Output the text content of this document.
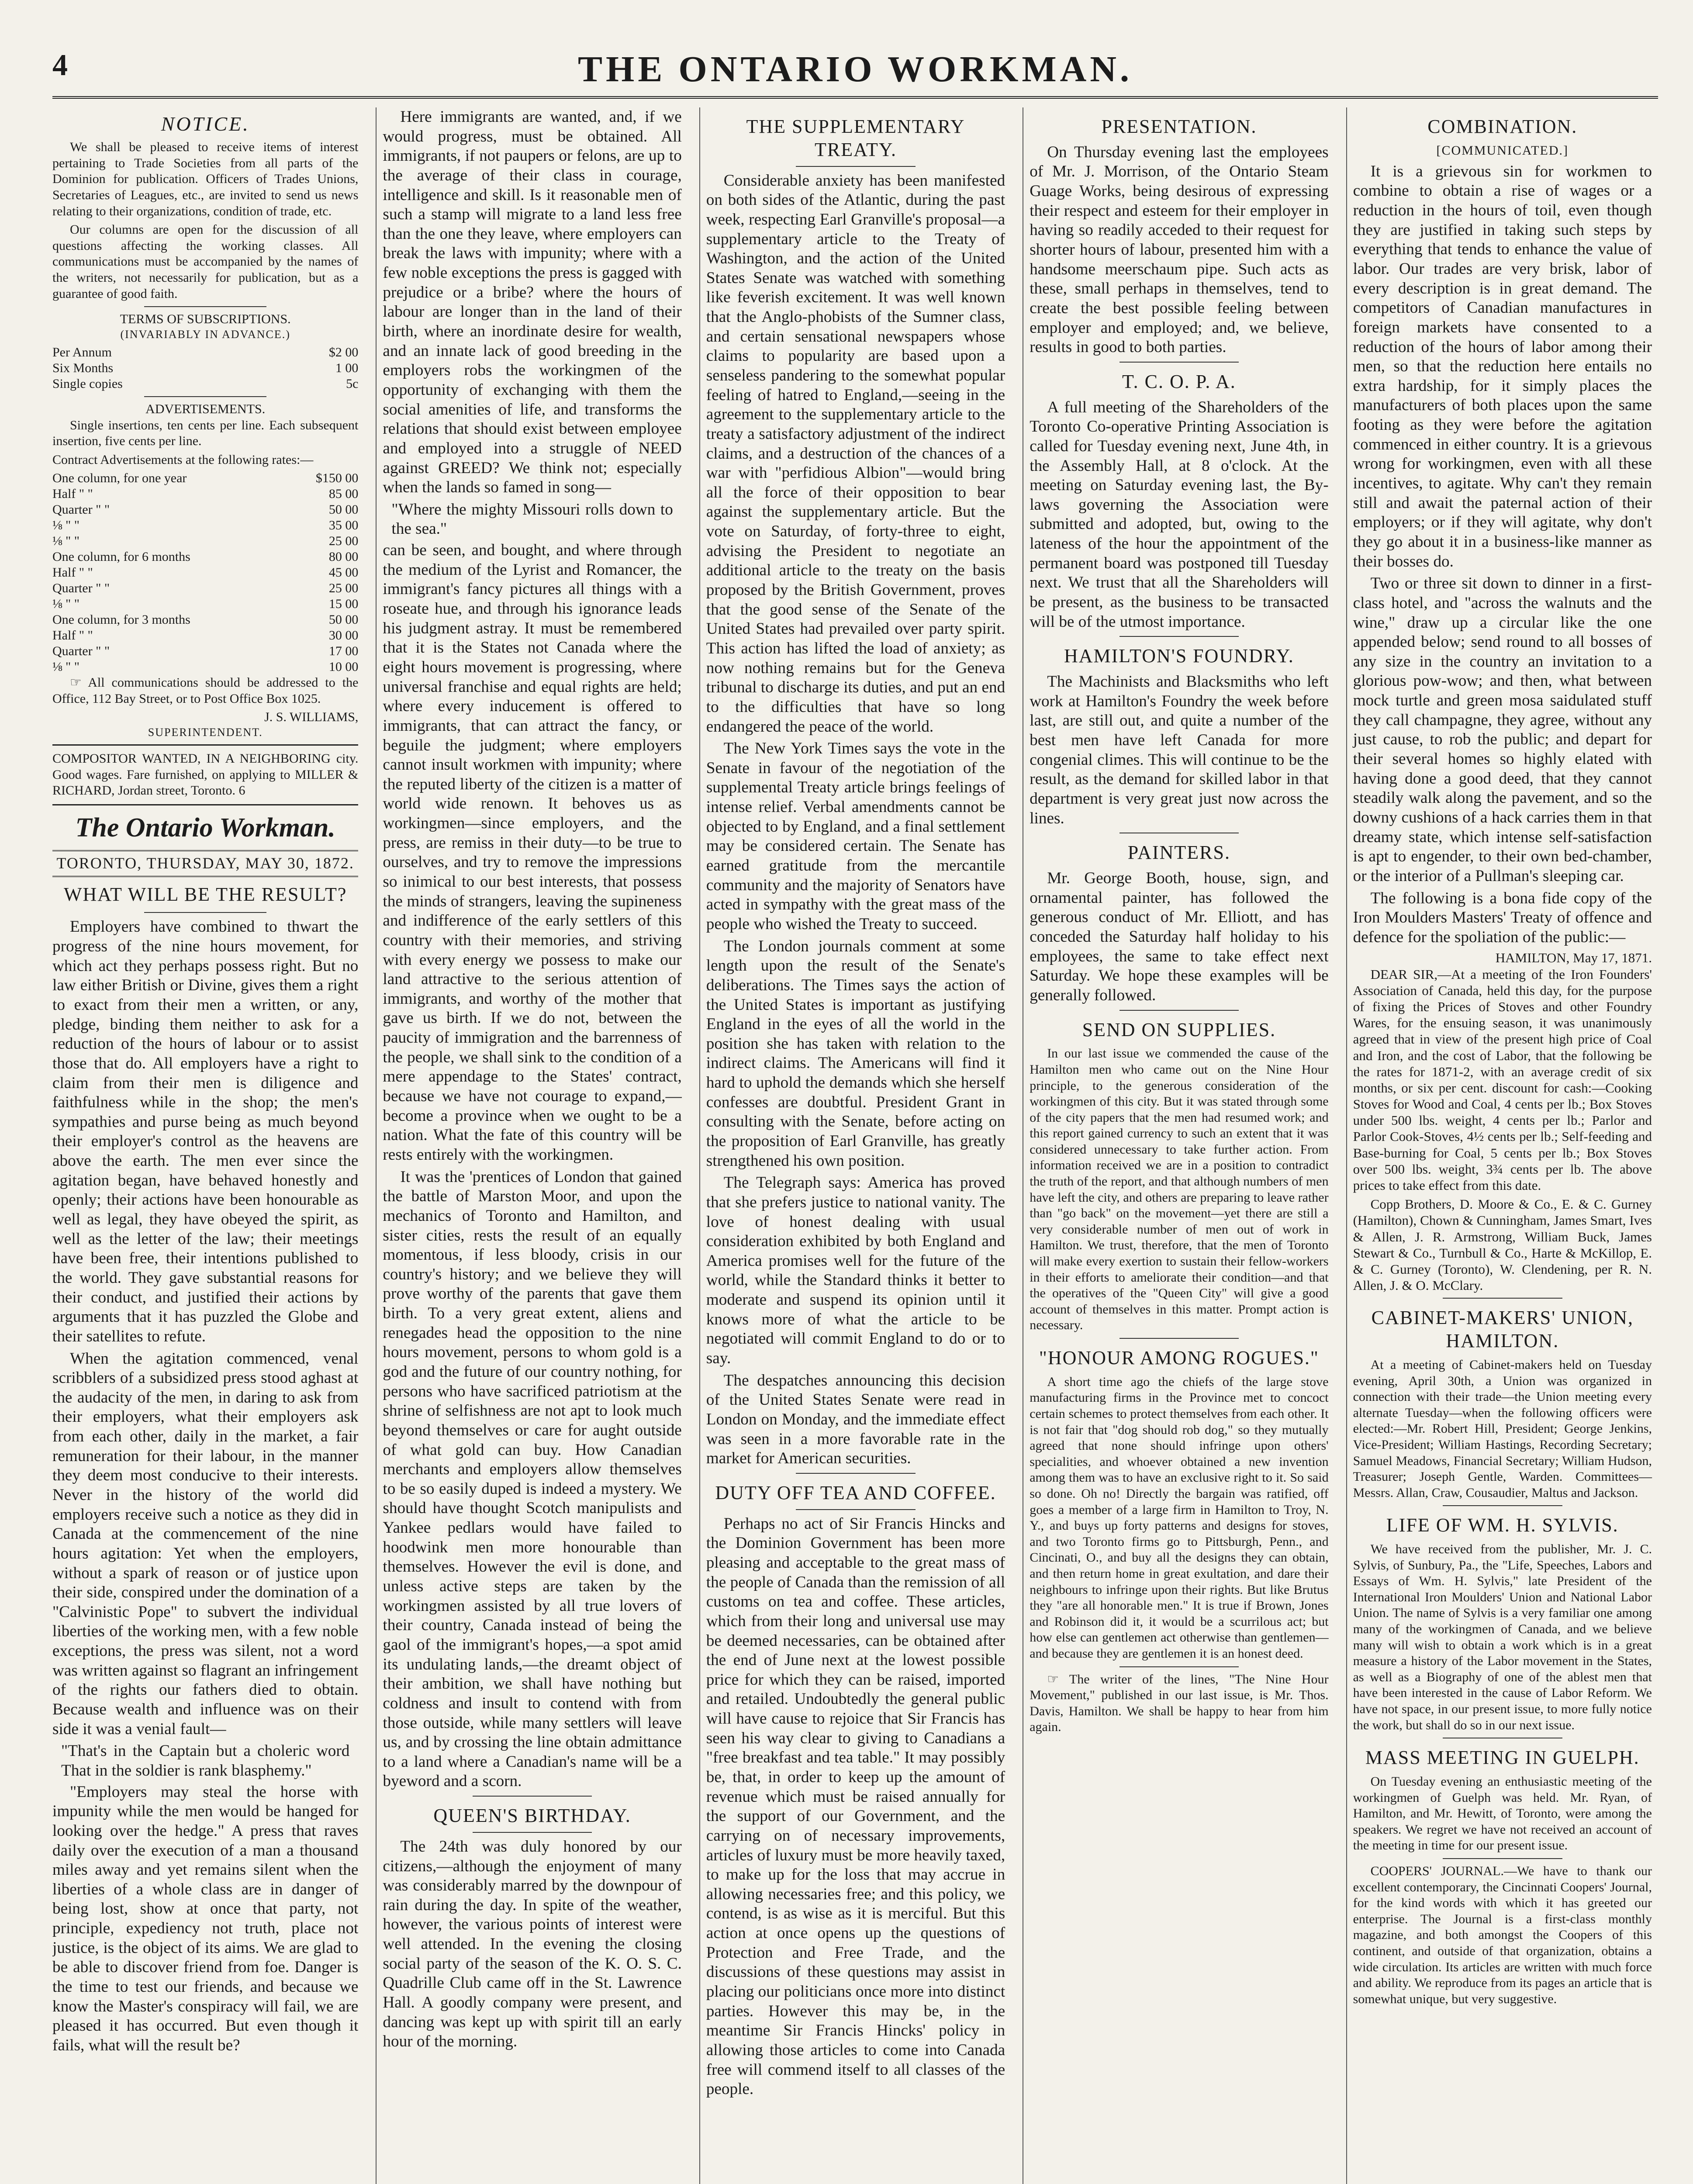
4	THE ONTARIO WORKMAN.
NOTICE.

We shall be pleased to receive items of interest pertaining to Trade Societies from all parts of the Dominion for publication. Officers of Trades Unions, Secretaries of Leagues, etc., are invited to send us news relating to their organizations, condition of trade, etc.

Our columns are open for the discussion of all questions affecting the working classes. All communications must be accompanied by the names of the writers, not necessarily for publication, but as a guarantee of good faith.

TERMS OF SUBSCRIPTIONS.
(INVARIABLY IN ADVANCE.)
Per Annum	$2 00
Six Months	1 00
Single copies	5c
ADVERTISEMENTS.

Single insertions, ten cents per line. Each subsequent insertion, five cents per line.

Contract Advertisements at the following rates:—

One column, for one year	$150 00
Half " "	85 00
Quarter " "	50 00
⅛ " "	35 00
⅛ " "	25 00
One column, for 6 months	80 00
Half " "	45 00
Quarter " "	25 00
⅛ " "	15 00
One column, for 3 months	50 00
Half " "	30 00
Quarter " "	17 00
⅛ " "	10 00

☞ All communications should be addressed to the Office, 112 Bay Street, or to Post Office Box 1025.

J. S. WILLIAMS,
SUPERINTENDENT.

COMPOSITOR WANTED, IN A NEIGHBORING city. Good wages. Fare furnished, on applying to MILLER & RICHARD, Jordan street, Toronto. 6

The Ontario Workman.
TORONTO, THURSDAY, MAY 30, 1872.
WHAT WILL BE THE RESULT?

Employers have combined to thwart the progress of the nine hours movement, for which act they perhaps possess right. But no law either British or Divine, gives them a right to exact from their men a written, or any, pledge, binding them neither to ask for a reduction of the hours of labour or to assist those that do. All employers have a right to claim from their men is diligence and faithfulness while in the shop; the men's sympathies and purse being as much beyond their employer's control as the heavens are above the earth. The men ever since the agitation began, have behaved honestly and openly; their actions have been honourable as well as legal, they have obeyed the spirit, as well as the letter of the law; their meetings have been free, their intentions published to the world. They gave substantial reasons for their conduct, and justified their actions by arguments that it has puzzled the Globe and their satellites to refute.

When the agitation commenced, venal scribblers of a subsidized press stood aghast at the audacity of the men, in daring to ask from their employers, what their employers ask from each other, daily in the market, a fair remuneration for their labour, in the manner they deem most conducive to their interests. Never in the history of the world did employers receive such a notice as they did in Canada at the commencement of the nine hours agitation: Yet when the employers, without a spark of reason or of justice upon their side, conspired under the domination of a "Calvinistic Pope" to subvert the individual liberties of the working men, with a few noble exceptions, the press was silent, not a word was written against so flagrant an infringement of the rights our fathers died to obtain. Because wealth and influence was on their side it was a venial fault—

"That's in the Captain but a choleric word That in the soldier is rank blasphemy."

"Employers may steal the horse with impunity while the men would be hanged for looking over the hedge." A press that raves daily over the execution of a man a thousand miles away and yet remains silent when the liberties of a whole class are in danger of being lost, show at once that party, not principle, expediency not truth, place not justice, is the object of its aims. We are glad to be able to discover friend from foe. Danger is the time to test our friends, and because we know the Master's conspiracy will fail, we are pleased it has occurred. But even though it fails, what will the result be?

Here immigrants are wanted, and, if we would progress, must be obtained. All immigrants, if not paupers or felons, are up to the average of their class in courage, intelligence and skill. Is it reasonable men of such a stamp will migrate to a land less free than the one they leave, where employers can break the laws with impunity; where with a few noble exceptions the press is gagged with prejudice or a bribe? where the hours of labour are longer than in the land of their birth, where an inordinate desire for wealth, and an innate lack of good breeding in the employers robs the workingmen of the opportunity of exchanging with them the social amenities of life, and transforms the relations that should exist between employee and employed into a struggle of NEED against GREED? We think not; especially when the lands so famed in song—

"Where the mighty Missouri rolls down to the sea."

can be seen, and bought, and where through the medium of the Lyrist and Romancer, the immigrant's fancy pictures all things with a roseate hue, and through his ignorance leads his judgment astray. It must be remembered that it is the States not Canada where the eight hours movement is progressing, where universal franchise and equal rights are held; where every inducement is offered to immigrants, that can attract the fancy, or beguile the judgment; where employers cannot insult workmen with impunity; where the reputed liberty of the citizen is a matter of world wide renown. It behoves us as workingmen—since employers, and the press, are remiss in their duty—to be true to ourselves, and try to remove the impressions so inimical to our best interests, that possess the minds of strangers, leaving the supineness and indifference of the early settlers of this country with their memories, and striving with every energy we possess to make our land attractive to the serious attention of immigrants, and worthy of the mother that gave us birth. If we do not, between the paucity of immigration and the barrenness of the people, we shall sink to the condition of a mere appendage to the States' contract, because we have not courage to expand,—become a province when we ought to be a nation. What the fate of this country will be rests entirely with the workingmen.

It was the 'prentices of London that gained the battle of Marston Moor, and upon the mechanics of Toronto and Hamilton, and sister cities, rests the result of an equally momentous, if less bloody, crisis in our country's history; and we believe they will prove worthy of the parents that gave them birth. To a very great extent, aliens and renegades head the opposition to the nine hours movement, persons to whom gold is a god and the future of our country nothing, for persons who have sacrificed patriotism at the shrine of selfishness are not apt to look much beyond themselves or care for aught outside of what gold can buy. How Canadian merchants and employers allow themselves to be so easily duped is indeed a mystery. We should have thought Scotch manipulists and Yankee pedlars would have failed to hoodwink men more honourable than themselves. However the evil is done, and unless active steps are taken by the workingmen assisted by all true lovers of their country, Canada instead of being the gaol of the immigrant's hopes,—a spot amid its undulating lands,—the dreamt object of their ambition, we shall have nothing but coldness and insult to contend with from those outside, while many settlers will leave us, and by crossing the line obtain admittance to a land where a Canadian's name will be a byeword and a scorn.

QUEEN'S BIRTHDAY.

The 24th was duly honored by our citizens,—although the enjoyment of many was considerably marred by the downpour of rain during the day. In spite of the weather, however, the various points of interest were well attended. In the evening the closing social party of the season of the K. O. S. C. Quadrille Club came off in the St. Lawrence Hall. A goodly company were present, and dancing was kept up with spirit till an early hour of the morning.

THE SUPPLEMENTARY TREATY.

Considerable anxiety has been manifested on both sides of the Atlantic, during the past week, respecting Earl Granville's proposal—a supplementary article to the Treaty of Washington, and the action of the United States Senate was watched with something like feverish excitement. It was well known that the Anglo-phobists of the Sumner class, and certain sensational newspapers whose claims to popularity are based upon a senseless pandering to the somewhat popular feeling of hatred to England,—seeing in the agreement to the supplementary article to the treaty a satisfactory adjustment of the indirect claims, and a destruction of the chances of a war with "perfidious Albion"—would bring all the force of their opposition to bear against the supplementary article. But the vote on Saturday, of forty-three to eight, advising the President to negotiate an additional article to the treaty on the basis proposed by the British Government, proves that the good sense of the Senate of the United States had prevailed over party spirit. This action has lifted the load of anxiety; as now nothing remains but for the Geneva tribunal to discharge its duties, and put an end to the difficulties that have so long endangered the peace of the world.

The New York Times says the vote in the Senate in favour of the negotiation of the supplemental Treaty article brings feelings of intense relief. Verbal amendments cannot be objected to by England, and a final settlement may be considered certain. The Senate has earned gratitude from the mercantile community and the majority of Senators have acted in sympathy with the great mass of the people who wished the Treaty to succeed.

The London journals comment at some length upon the result of the Senate's deliberations. The Times says the action of the United States is important as justifying England in the eyes of all the world in the position she has taken with relation to the indirect claims. The Americans will find it hard to uphold the demands which she herself confesses are doubtful. President Grant in consulting with the Senate, before acting on the proposition of Earl Granville, has greatly strengthened his own position.

The Telegraph says: America has proved that she prefers justice to national vanity. The love of honest dealing with usual consideration exhibited by both England and America promises well for the future of the world, while the Standard thinks it better to moderate and suspend its opinion until it knows more of what the article to be negotiated will commit England to do or to say.

The despatches announcing this decision of the United States Senate were read in London on Monday, and the immediate effect was seen in a more favorable rate in the market for American securities.

DUTY OFF TEA AND COFFEE.

Perhaps no act of Sir Francis Hincks and the Dominion Government has been more pleasing and acceptable to the great mass of the people of Canada than the remission of all customs on tea and coffee. These articles, which from their long and universal use may be deemed necessaries, can be obtained after the end of June next at the lowest possible price for which they can be raised, imported and retailed. Undoubtedly the general public will have cause to rejoice that Sir Francis has seen his way clear to giving to Canadians a "free breakfast and tea table." It may possibly be, that, in order to keep up the amount of revenue which must be raised annually for the support of our Government, and the carrying on of necessary improvements, articles of luxury must be more heavily taxed, to make up for the loss that may accrue in allowing necessaries free; and this policy, we contend, is as wise as it is merciful. But this action at once opens up the questions of Protection and Free Trade, and the discussions of these questions may assist in placing our politicians once more into distinct parties. However this may be, in the meantime Sir Francis Hincks' policy in allowing those articles to come into Canada free will commend itself to all classes of the people.

PRESENTATION.

On Thursday evening last the employees of Mr. J. Morrison, of the Ontario Steam Guage Works, being desirous of expressing their respect and esteem for their employer in having so readily acceded to their request for shorter hours of labour, presented him with a handsome meerschaum pipe. Such acts as these, small perhaps in themselves, tend to create the best possible feeling between employer and employed; and, we believe, results in good to both parties.

T. C. O. P. A.

A full meeting of the Shareholders of the Toronto Co-operative Printing Association is called for Tuesday evening next, June 4th, in the Assembly Hall, at 8 o'clock. At the meeting on Saturday evening last, the By-laws governing the Association were submitted and adopted, but, owing to the lateness of the hour the appointment of the permanent board was postponed till Tuesday next. We trust that all the Shareholders will be present, as the business to be transacted will be of the utmost importance.

HAMILTON'S FOUNDRY.

The Machinists and Blacksmiths who left work at Hamilton's Foundry the week before last, are still out, and quite a number of the best men have left Canada for more congenial climes. This will continue to be the result, as the demand for skilled labor in that department is very great just now across the lines.

PAINTERS.

Mr. George Booth, house, sign, and ornamental painter, has followed the generous conduct of Mr. Elliott, and has conceded the Saturday half holiday to his employees, the same to take effect next Saturday. We hope these examples will be generally followed.

SEND ON SUPPLIES.

In our last issue we commended the cause of the Hamilton men who came out on the Nine Hour principle, to the generous consideration of the workingmen of this city. But it was stated through some of the city papers that the men had resumed work; and this report gained currency to such an extent that it was considered unnecessary to take further action. From information received we are in a position to contradict the truth of the report, and that although numbers of men have left the city, and others are preparing to leave rather than "go back" on the movement—yet there are still a very considerable number of men out of work in Hamilton. We trust, therefore, that the men of Toronto will make every exertion to sustain their fellow-workers in their efforts to ameliorate their condition—and that the operatives of the "Queen City" will give a good account of themselves in this matter. Prompt action is necessary.

"HONOUR AMONG ROGUES."

A short time ago the chiefs of the large stove manufacturing firms in the Province met to concoct certain schemes to protect themselves from each other. It is not fair that "dog should rob dog," so they mutually agreed that none should infringe upon others' specialities, and whoever obtained a new invention among them was to have an exclusive right to it. So said so done. Oh no! Directly the bargain was ratified, off goes a member of a large firm in Hamilton to Troy, N. Y., and buys up forty patterns and designs for stoves, and two Toronto firms go to Pittsburgh, Penn., and Cincinati, O., and buy all the designs they can obtain, and then return home in great exultation, and dare their neighbours to infringe upon their rights. But like Brutus they "are all honorable men." It is true if Brown, Jones and Robinson did it, it would be a scurrilous act; but how else can gentlemen act otherwise than gentlemen—and because they are gentlemen it is an honest deed.

☞ The writer of the lines, "The Nine Hour Movement," published in our last issue, is Mr. Thos. Davis, Hamilton. We shall be happy to hear from him again.

COMBINATION.
[COMMUNICATED.]

It is a grievous sin for workmen to combine to obtain a rise of wages or a reduction in the hours of toil, even though they are justified in taking such steps by everything that tends to enhance the value of labor. Our trades are very brisk, labor of every description is in great demand. The competitors of Canadian manufactures in foreign markets have consented to a reduction of the hours of labor among their men, so that the reduction here entails no extra hardship, for it simply places the manufacturers of both places upon the same footing as they were before the agitation commenced in either country. It is a grievous wrong for workingmen, even with all these incentives, to agitate. Why can't they remain still and await the paternal action of their employers; or if they will agitate, why don't they go about it in a business-like manner as their bosses do.

Two or three sit down to dinner in a first-class hotel, and "across the walnuts and the wine," draw up a circular like the one appended below; send round to all bosses of any size in the country an invitation to a glorious pow-wow; and then, what between mock turtle and green mosa saidulated stuff they call champagne, they agree, without any just cause, to rob the public; and depart for their several homes so highly elated with having done a good deed, that they cannot steadily walk along the pavement, and so the downy cushions of a hack carries them in that dreamy state, which intense self-satisfaction is apt to engender, to their own bed-chamber, or the interior of a Pullman's sleeping car.

The following is a bona fide copy of the Iron Moulders Masters' Treaty of offence and defence for the spoliation of the public:—

HAMILTON, May 17, 1871.

DEAR SIR,—At a meeting of the Iron Founders' Association of Canada, held this day, for the purpose of fixing the Prices of Stoves and other Foundry Wares, for the ensuing season, it was unanimously agreed that in view of the present high price of Coal and Iron, and the cost of Labor, that the following be the rates for 1871-2, with an average credit of six months, or six per cent. discount for cash:—Cooking Stoves for Wood and Coal, 4 cents per lb.; Box Stoves under 500 lbs. weight, 4 cents per lb.; Parlor and Parlor Cook-Stoves, 4½ cents per lb.; Self-feeding and Base-burning for Coal, 5 cents per lb.; Box Stoves over 500 lbs. weight, 3¾ cents per lb. The above prices to take effect from this date.

Copp Brothers, D. Moore & Co., E. & C. Gurney (Hamilton), Chown & Cunningham, James Smart, Ives & Allen, J. R. Armstrong, William Buck, James Stewart & Co., Turnbull & Co., Harte & McKillop, E. & C. Gurney (Toronto), W. Clendening, per R. N. Allen, J. & O. McClary.

CABINET-MAKERS' UNION, HAMILTON.

At a meeting of Cabinet-makers held on Tuesday evening, April 30th, a Union was organized in connection with their trade—the Union meeting every alternate Tuesday—when the following officers were elected:—Mr. Robert Hill, President; George Jenkins, Vice-President; William Hastings, Recording Secretary; Samuel Meadows, Financial Secretary; William Hudson, Treasurer; Joseph Gentle, Warden. Committees—Messrs. Allan, Craw, Cousaudier, Maltus and Jackson.

LIFE OF WM. H. SYLVIS.

We have received from the publisher, Mr. J. C. Sylvis, of Sunbury, Pa., the "Life, Speeches, Labors and Essays of Wm. H. Sylvis," late President of the International Iron Moulders' Union and National Labor Union. The name of Sylvis is a very familiar one among many of the workingmen of Canada, and we believe many will wish to obtain a work which is in a great measure a history of the Labor movement in the States, as well as a Biography of one of the ablest men that have been interested in the cause of Labor Reform. We have not space, in our present issue, to more fully notice the work, but shall do so in our next issue.

MASS MEETING IN GUELPH.

On Tuesday evening an enthusiastic meeting of the workingmen of Guelph was held. Mr. Ryan, of Hamilton, and Mr. Hewitt, of Toronto, were among the speakers. We regret we have not received an account of the meeting in time for our present issue.

COOPERS' JOURNAL.—We have to thank our excellent contemporary, the Cincinnati Coopers' Journal, for the kind words with which it has greeted our enterprise. The Journal is a first-class monthly magazine, and both amongst the Coopers of this continent, and outside of that organization, obtains a wide circulation. Its articles are written with much force and ability. We reproduce from its pages an article that is somewhat unique, but very suggestive.
